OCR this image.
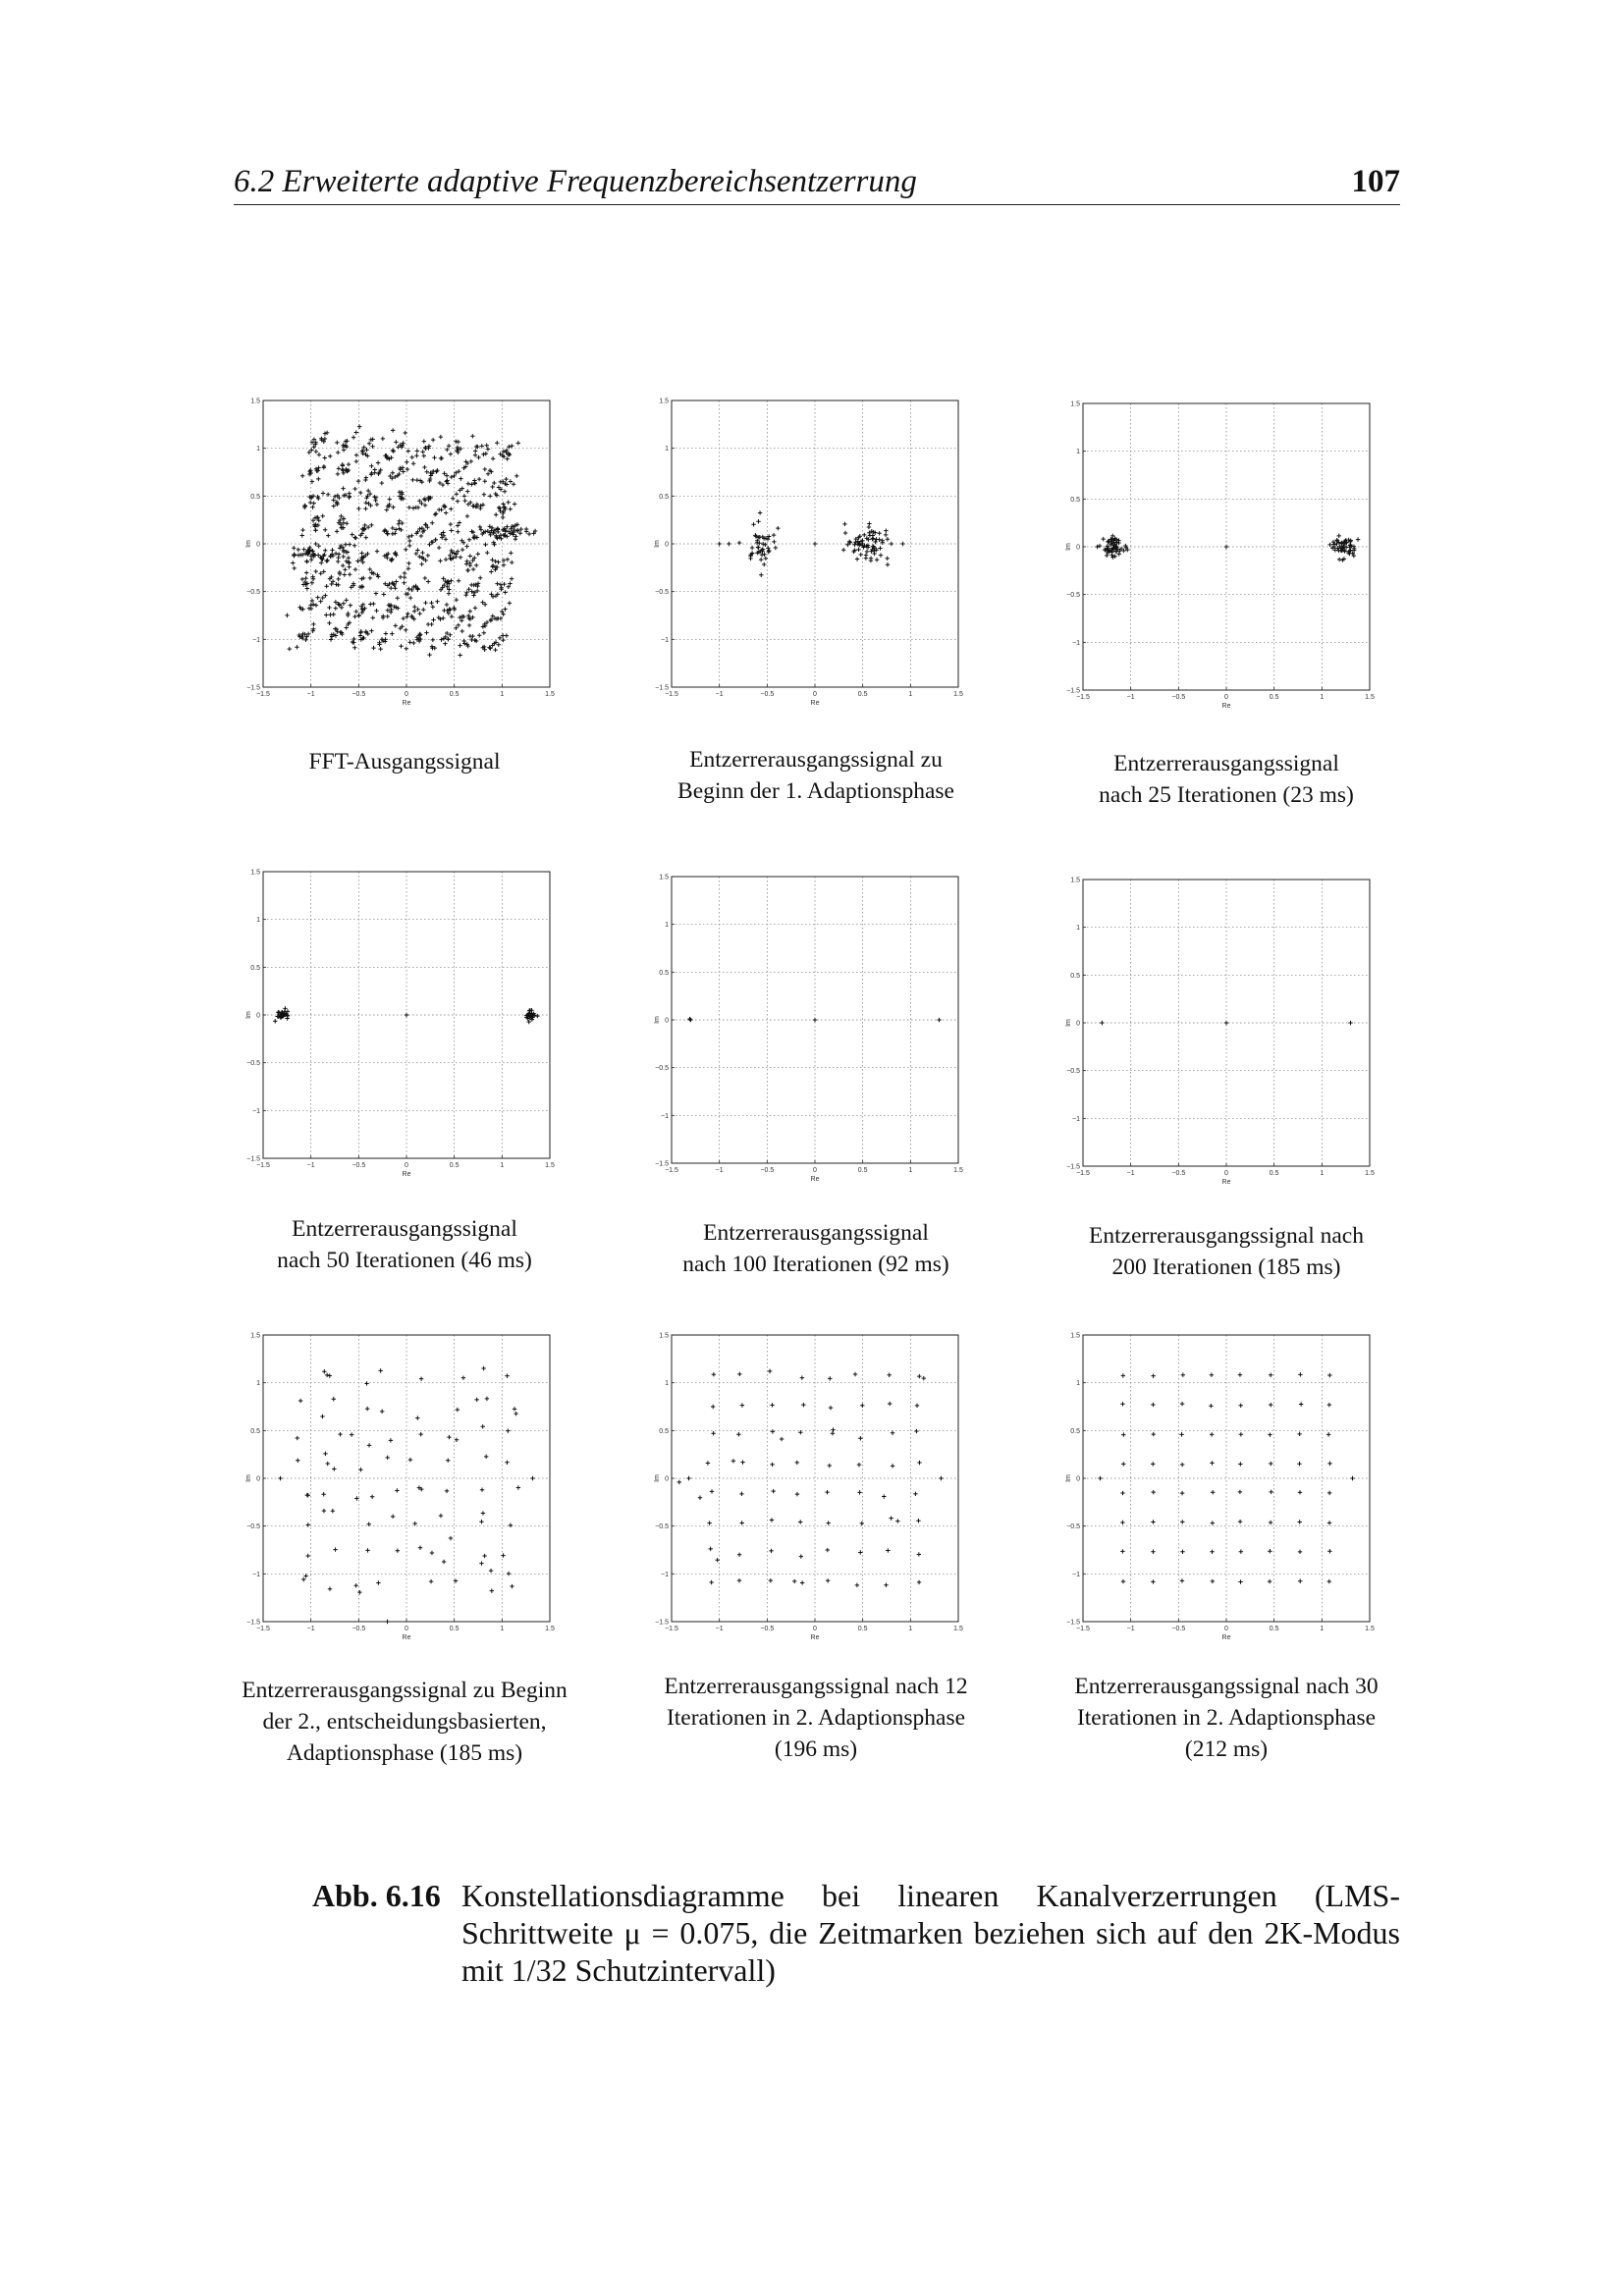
6.2 Erweiterte adaptive Frequenzbereichsentzerrung	107
−1.5
−1.5
−1
−1
−0.5
−0.5
0
0
0.5
0.5
1
1
1.5
1.5
Re
Im
−1.5
−1.5
−1
−1
−0.5
−0.5
0
0
0.5
0.5
1
1
1.5
1.5
Re
Im
−1.5
−1.5
−1
−1
−0.5
−0.5
0
0
0.5
0.5
1
1
1.5
1.5
Re
Im
−1.5
−1.5
−1
−1
−0.5
−0.5
0
0
0.5
0.5
1
1
1.5
1.5
Re
Im
−1.5
−1.5
−1
−1
−0.5
−0.5
0
0
0.5
0.5
1
1
1.5
1.5
Re
Im
−1.5
−1.5
−1
−1
−0.5
−0.5
0
0
0.5
0.5
1
1
1.5
1.5
Re
Im
−1.5
−1.5
−1
−1
−0.5
−0.5
0
0
0.5
0.5
1
1
1.5
1.5
Re
Im
−1.5
−1.5
−1
−1
−0.5
−0.5
0
0
0.5
0.5
1
1
1.5
1.5
Re
Im
−1.5
−1.5
−1
−1
−0.5
−0.5
0
0
0.5
0.5
1
1
1.5
1.5
Re
Im
FFT-Ausgangssignal	Entzerrerausgangssignal zu
Beginn der 1. Adaptionsphase
Entzerrerausgangssignal
nach 25 Iterationen (23 ms)
Entzerrerausgangssignal
nach 50 Iterationen (46 ms)
Entzerrerausgangssignal
nach 100 Iterationen (92 ms)
Entzerrerausgangssignal nach
200 Iterationen (185 ms)
Entzerrerausgangssignal zu Beginn
der 2., entscheidungsbasierten,
Adaptionsphase (185 ms)
Entzerrerausgangssignal nach 12
Iterationen in 2. Adaptionsphase
(196 ms)
Entzerrerausgangssignal nach 30
Iterationen in 2. Adaptionsphase
(212 ms)
Abb. 6.16 Konstellationsdiagramme bei linearen Kanalverzerrungen (LMS-Schrittweite μ = 0.075, die Zeitmarken beziehen sich auf den 2K-Modus mit 1/32 Schutzintervall)
